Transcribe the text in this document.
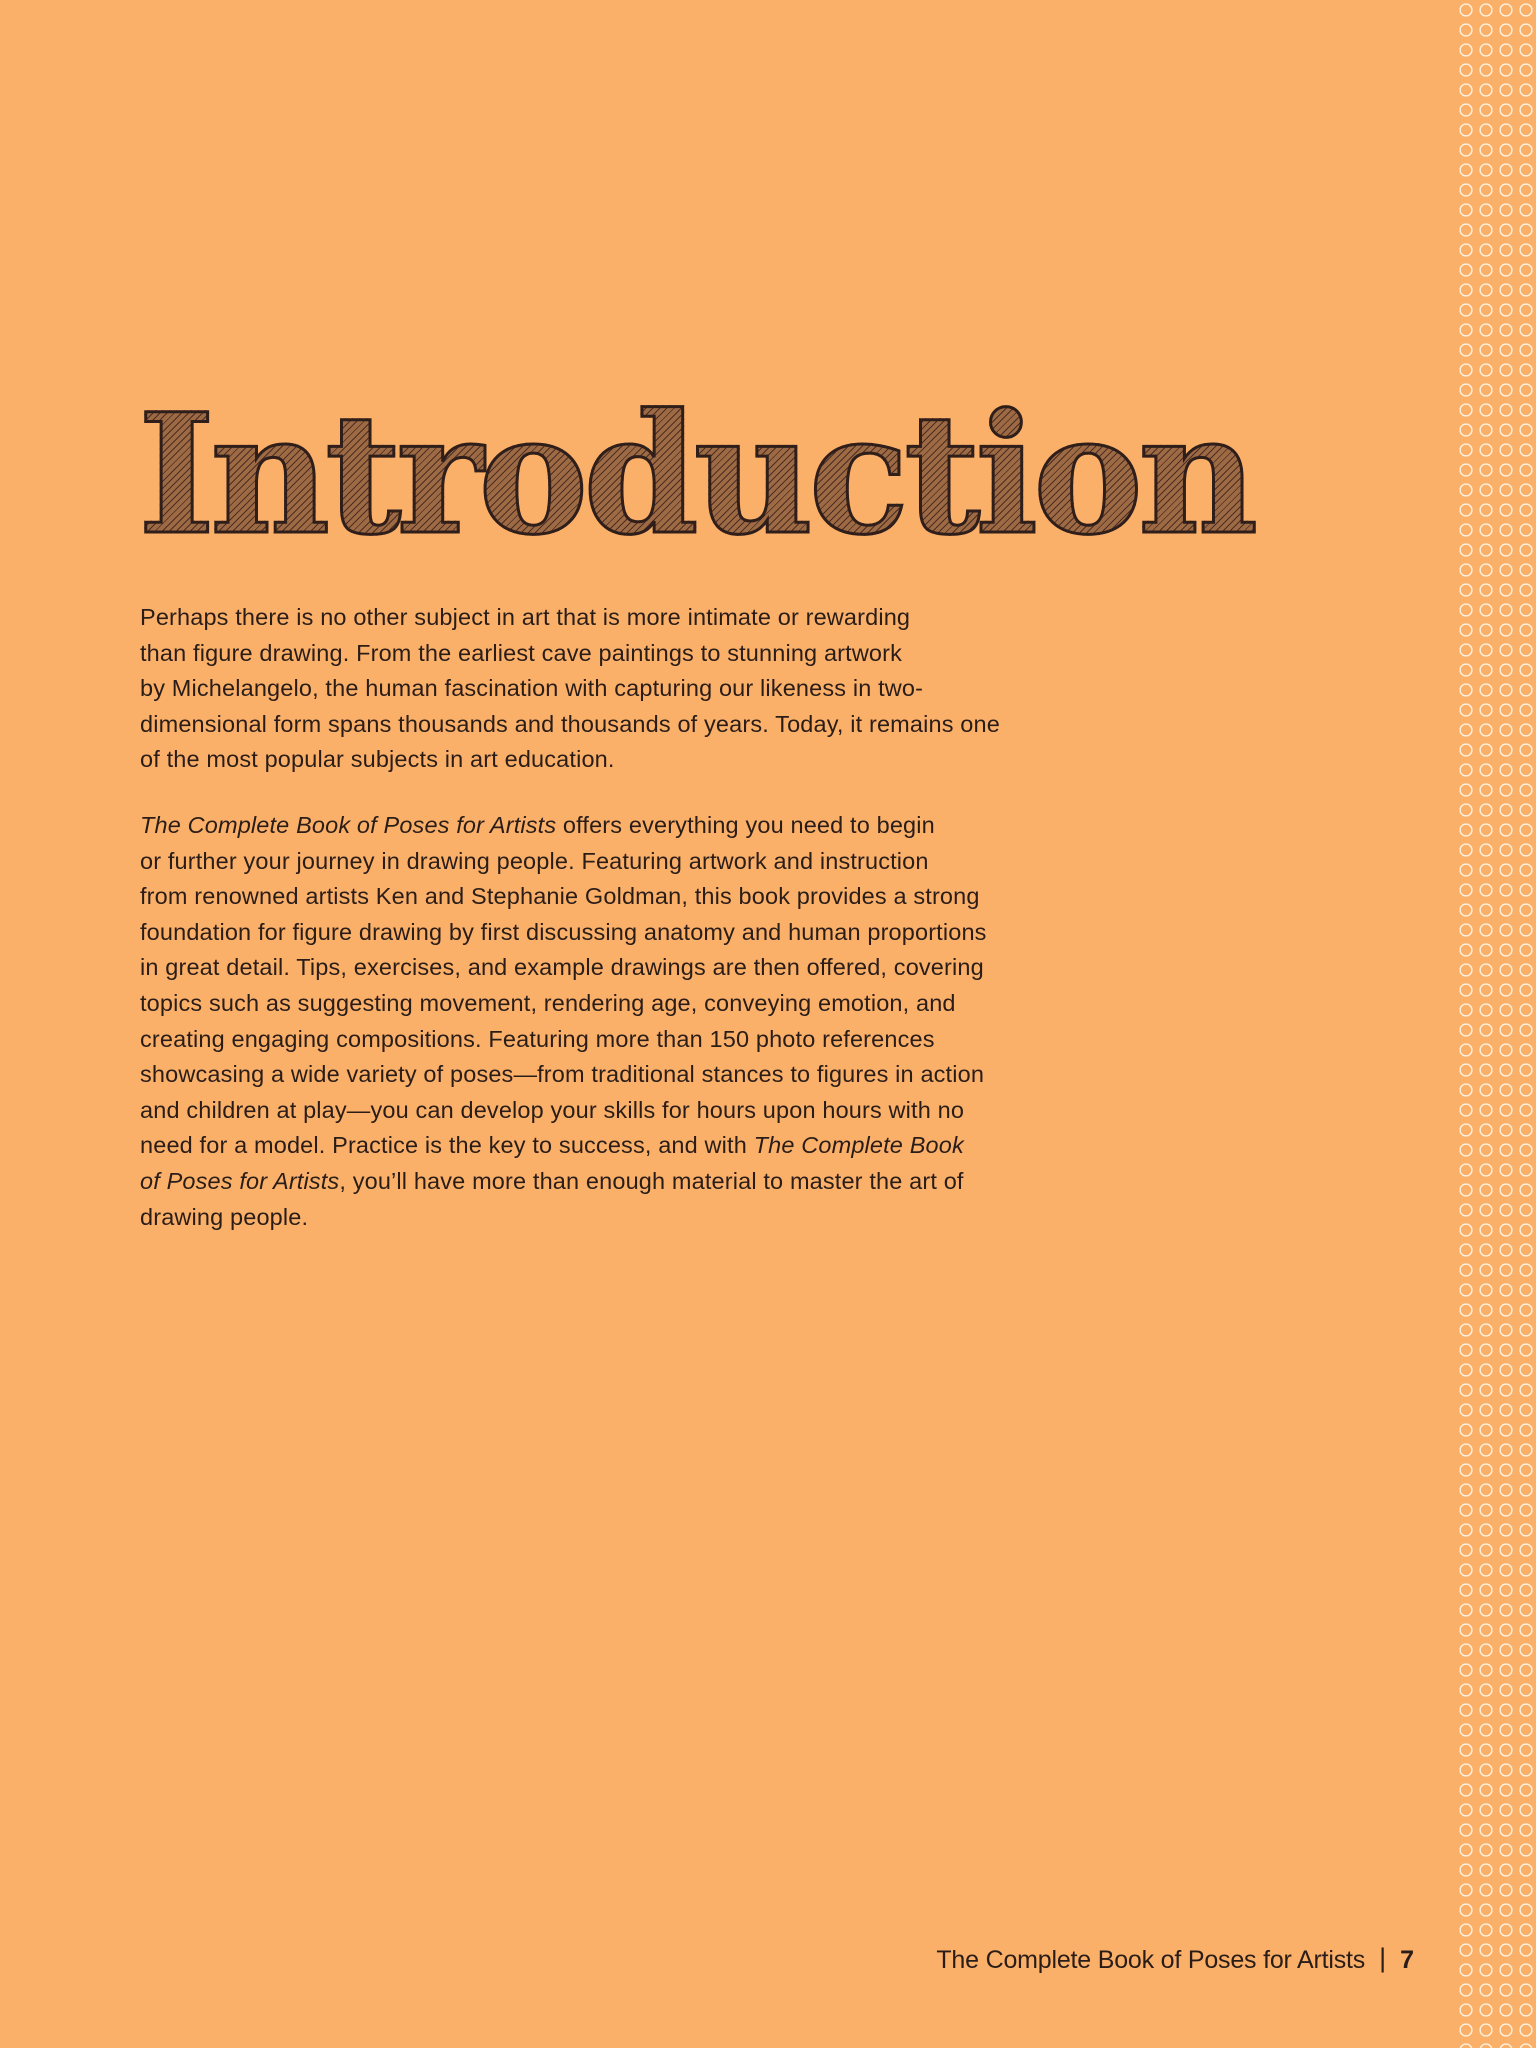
Introduction

Perhaps there is no other subject in art that is more intimate or rewarding
than figure drawing. From the earliest cave paintings to stunning artwork
by Michelangelo, the human fascination with capturing our likeness in two-
dimensional form spans thousands and thousands of years. Today, it remains one
of the most popular subjects in art education.

The Complete Book of Poses for Artists offers everything you need to begin
or further your journey in drawing people. Featuring artwork and instruction
from renowned artists Ken and Stephanie Goldman, this book provides a strong
foundation for figure drawing by first discussing anatomy and human proportions
in great detail. Tips, exercises, and example drawings are then offered, covering
topics such as suggesting movement, rendering age, conveying emotion, and
creating engaging compositions. Featuring more than 150 photo references
showcasing a wide variety of poses—from traditional stances to figures in action
and children at play—you can develop your skills for hours upon hours with no
need for a model. Practice is the key to success, and with The Complete Book
of Poses for Artists, you’ll have more than enough material to master the art of
drawing people.

The Complete Book of Poses for Artists | 7
